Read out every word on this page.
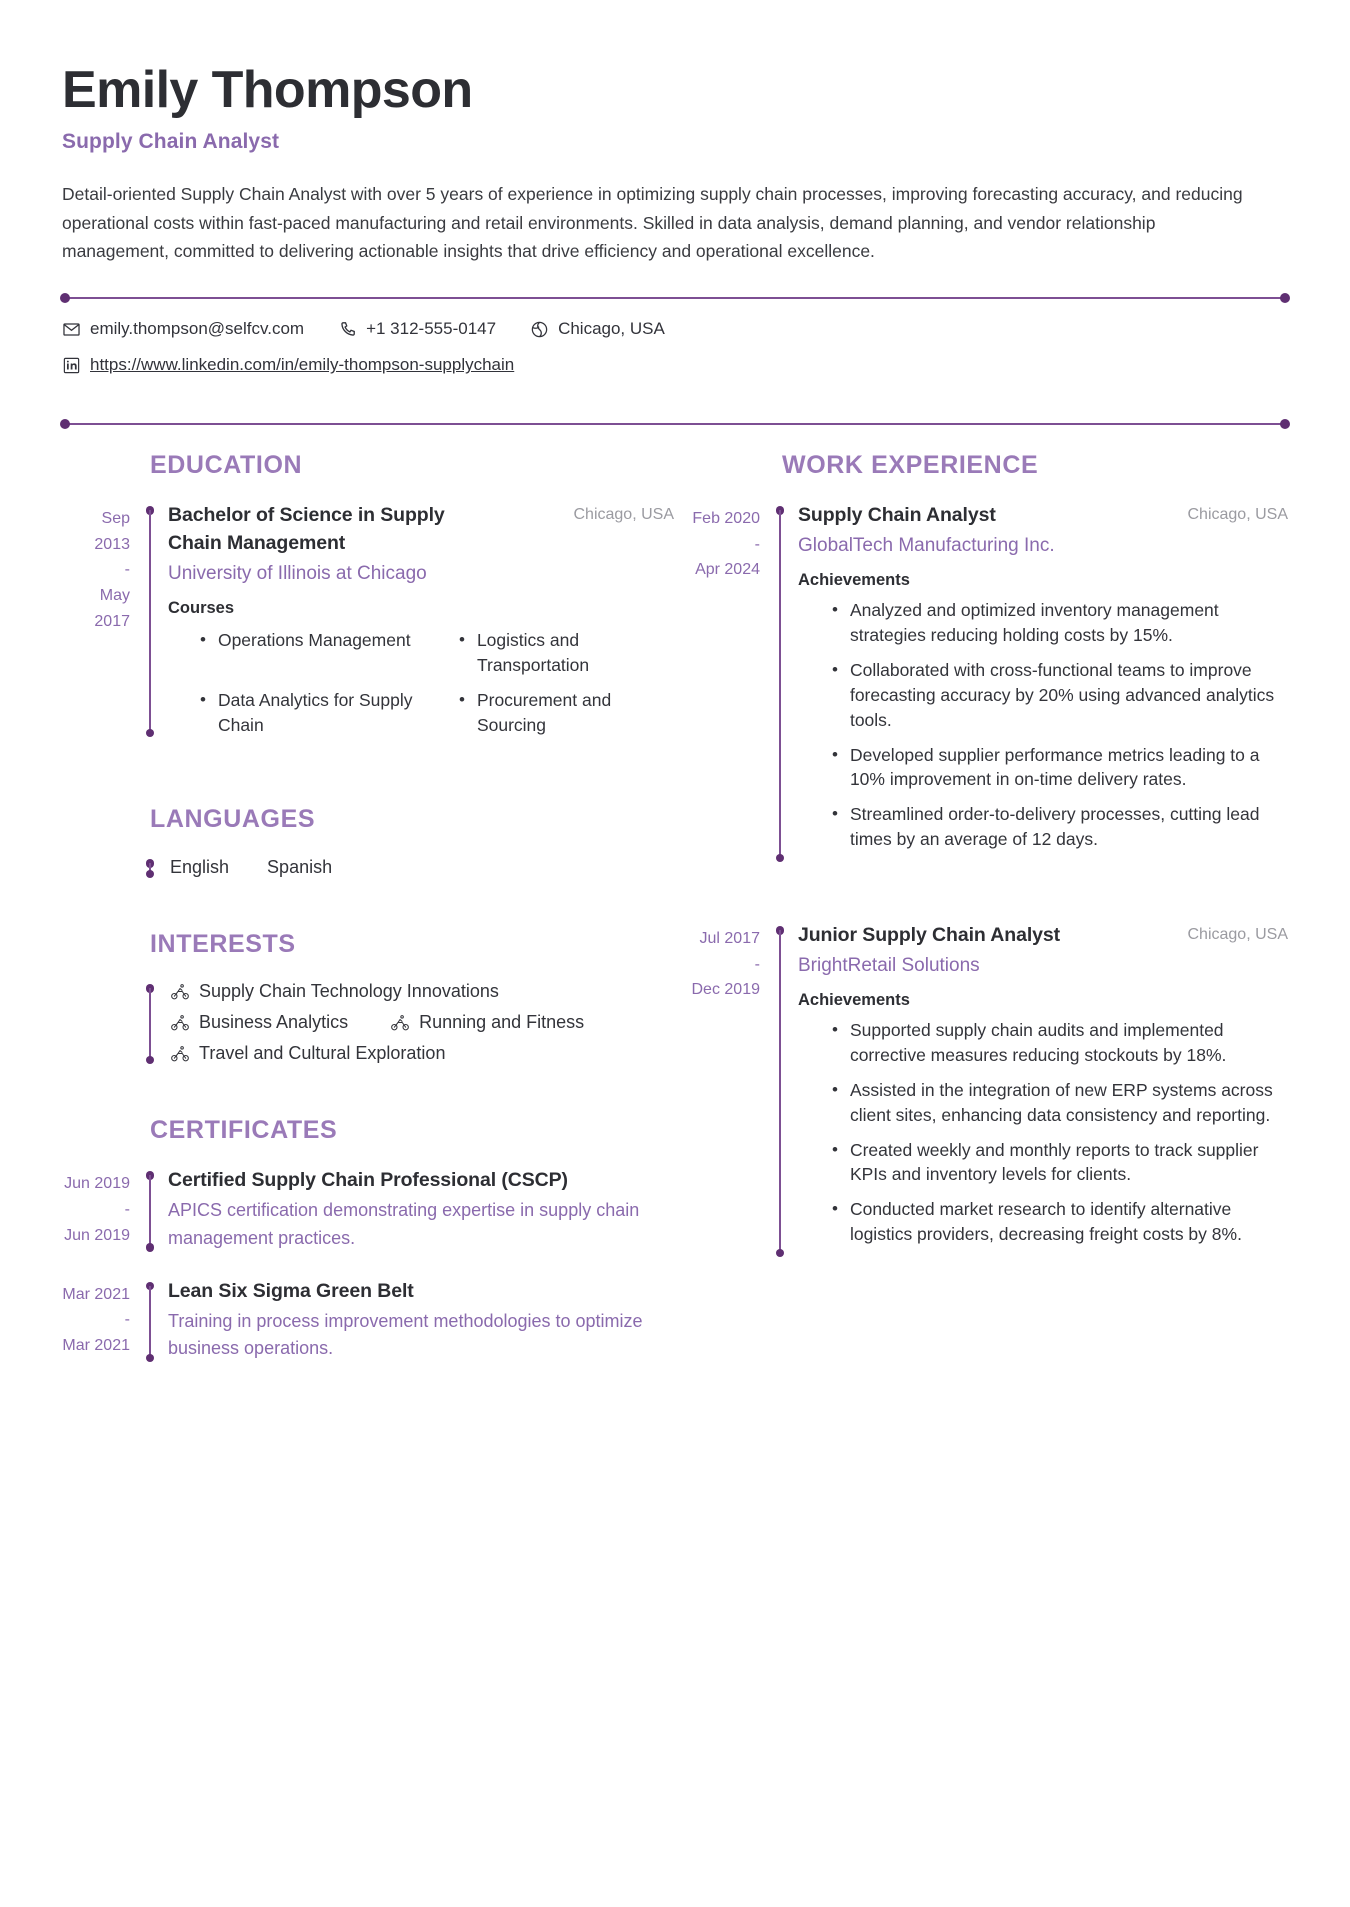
Emily Thompson
Supply Chain Analyst

Detail-oriented Supply Chain Analyst with over 5 years of experience in optimizing supply chain processes, improving forecasting accuracy, and reducing operational costs within fast-paced manufacturing and retail environments. Skilled in data analysis, demand planning, and vendor relationship management, committed to delivering actionable insights that drive efficiency and operational excellence.

emily.thompson@selfcv.com	+1 312-555-0147	Chicago, USA
https://www.linkedin.com/in/emily-thompson-supplychain
EDUCATION
Sep 2013
-
May 2017
Bachelor of Science in Supply Chain Management
Chicago, USA
University of Illinois at Chicago
Courses
• Operations Management	• Logistics and Transportation
• Data Analytics for Supply Chain
• Procurement and Sourcing
LANGUAGES
English Spanish
INTERESTS
Supply Chain Technology Innovations
Business Analytics	Running and Fitness
Travel and Cultural Exploration
CERTIFICATES
Jun 2019
-
Jun 2019
Certified Supply Chain Professional (CSCP)
APICS certification demonstrating expertise in supply chain management practices.
Mar 2021
-
Mar 2021
Lean Six Sigma Green Belt
Training in process improvement methodologies to optimize business operations.
WORK EXPERIENCE
Feb 2020
-
Apr 2024
Supply Chain Analyst	Chicago, USA
GlobalTech Manufacturing Inc.
Achievements
• Analyzed and optimized inventory management strategies reducing holding costs by 15%.
• Collaborated with cross-functional teams to improve forecasting accuracy by 20% using advanced analytics tools.
• Developed supplier performance metrics leading to a 10% improvement in on-time delivery rates.
• Streamlined order-to-delivery processes, cutting lead times by an average of 12 days.
Jul 2017
-
Dec 2019
Junior Supply Chain Analyst	Chicago, USA
BrightRetail Solutions
Achievements
• Supported supply chain audits and implemented corrective measures reducing stockouts by 18%.
• Assisted in the integration of new ERP systems across client sites, enhancing data consistency and reporting.
• Created weekly and monthly reports to track supplier KPIs and inventory levels for clients.
• Conducted market research to identify alternative logistics providers, decreasing freight costs by 8%.
